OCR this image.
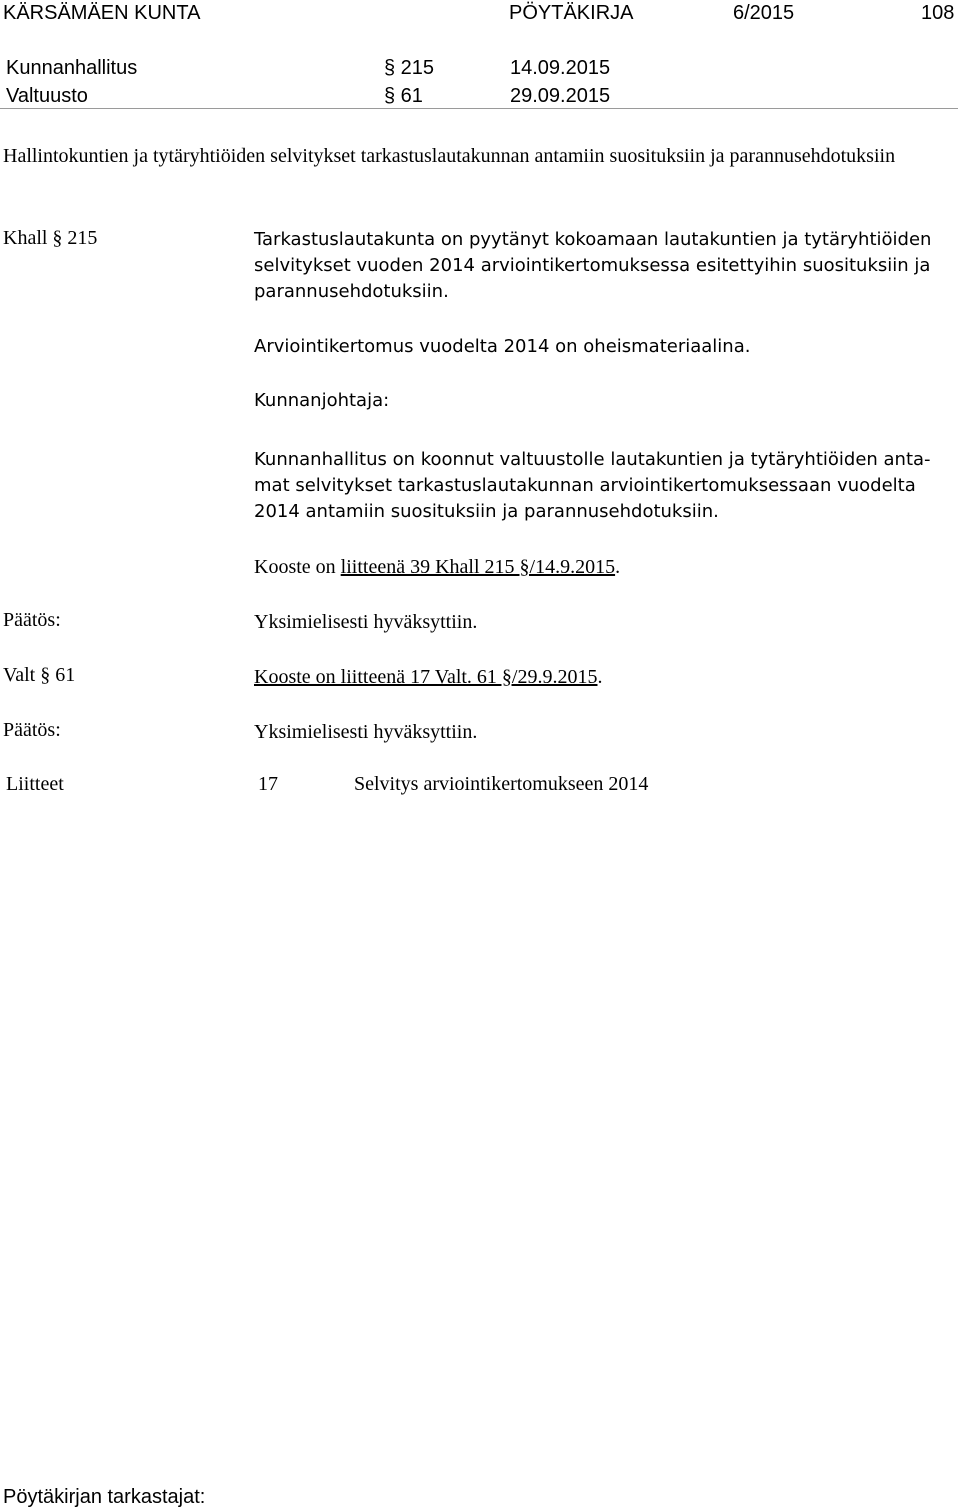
KÄRSÄMÄEN KUNTA	PÖYTÄKIRJA	6/2015	108
Kunnanhallitus	§ 215	14.09.2015
Valtuusto	§ 61	29.09.2015
Hallintokuntien ja tytäryhtiöiden selvitykset tarkastuslautakunnan antamiin suosituksiin ja parannusehdotuksiin
Khall § 215	Tarkastuslautakunta on pyytänyt kokoamaan lautakuntien ja tytäryhtiöiden
selvitykset vuoden 2014 arviointikertomuksessa esitettyihin suosituksiin ja
parannusehdotuksiin.
Arviointikertomus vuodelta 2014 on oheismateriaalina.
Kunnanjohtaja:
Kunnanhallitus on koonnut valtuustolle lautakuntien ja tytäryhtiöiden anta-
mat selvitykset tarkastuslautakunnan arviointikertomuksessaan vuodelta
2014 antamiin suosituksiin ja parannusehdotuksiin.
Kooste on liitteenä 39 Khall 215 §/14.9.2015.
Päätös:	Yksimielisesti hyväksyttiin.
Valt § 61	Kooste on liitteenä 17 Valt. 61 §/29.9.2015.
Päätös:	Yksimielisesti hyväksyttiin.
Liitteet	17	Selvitys arviointikertomukseen 2014
Pöytäkirjan tarkastajat:
